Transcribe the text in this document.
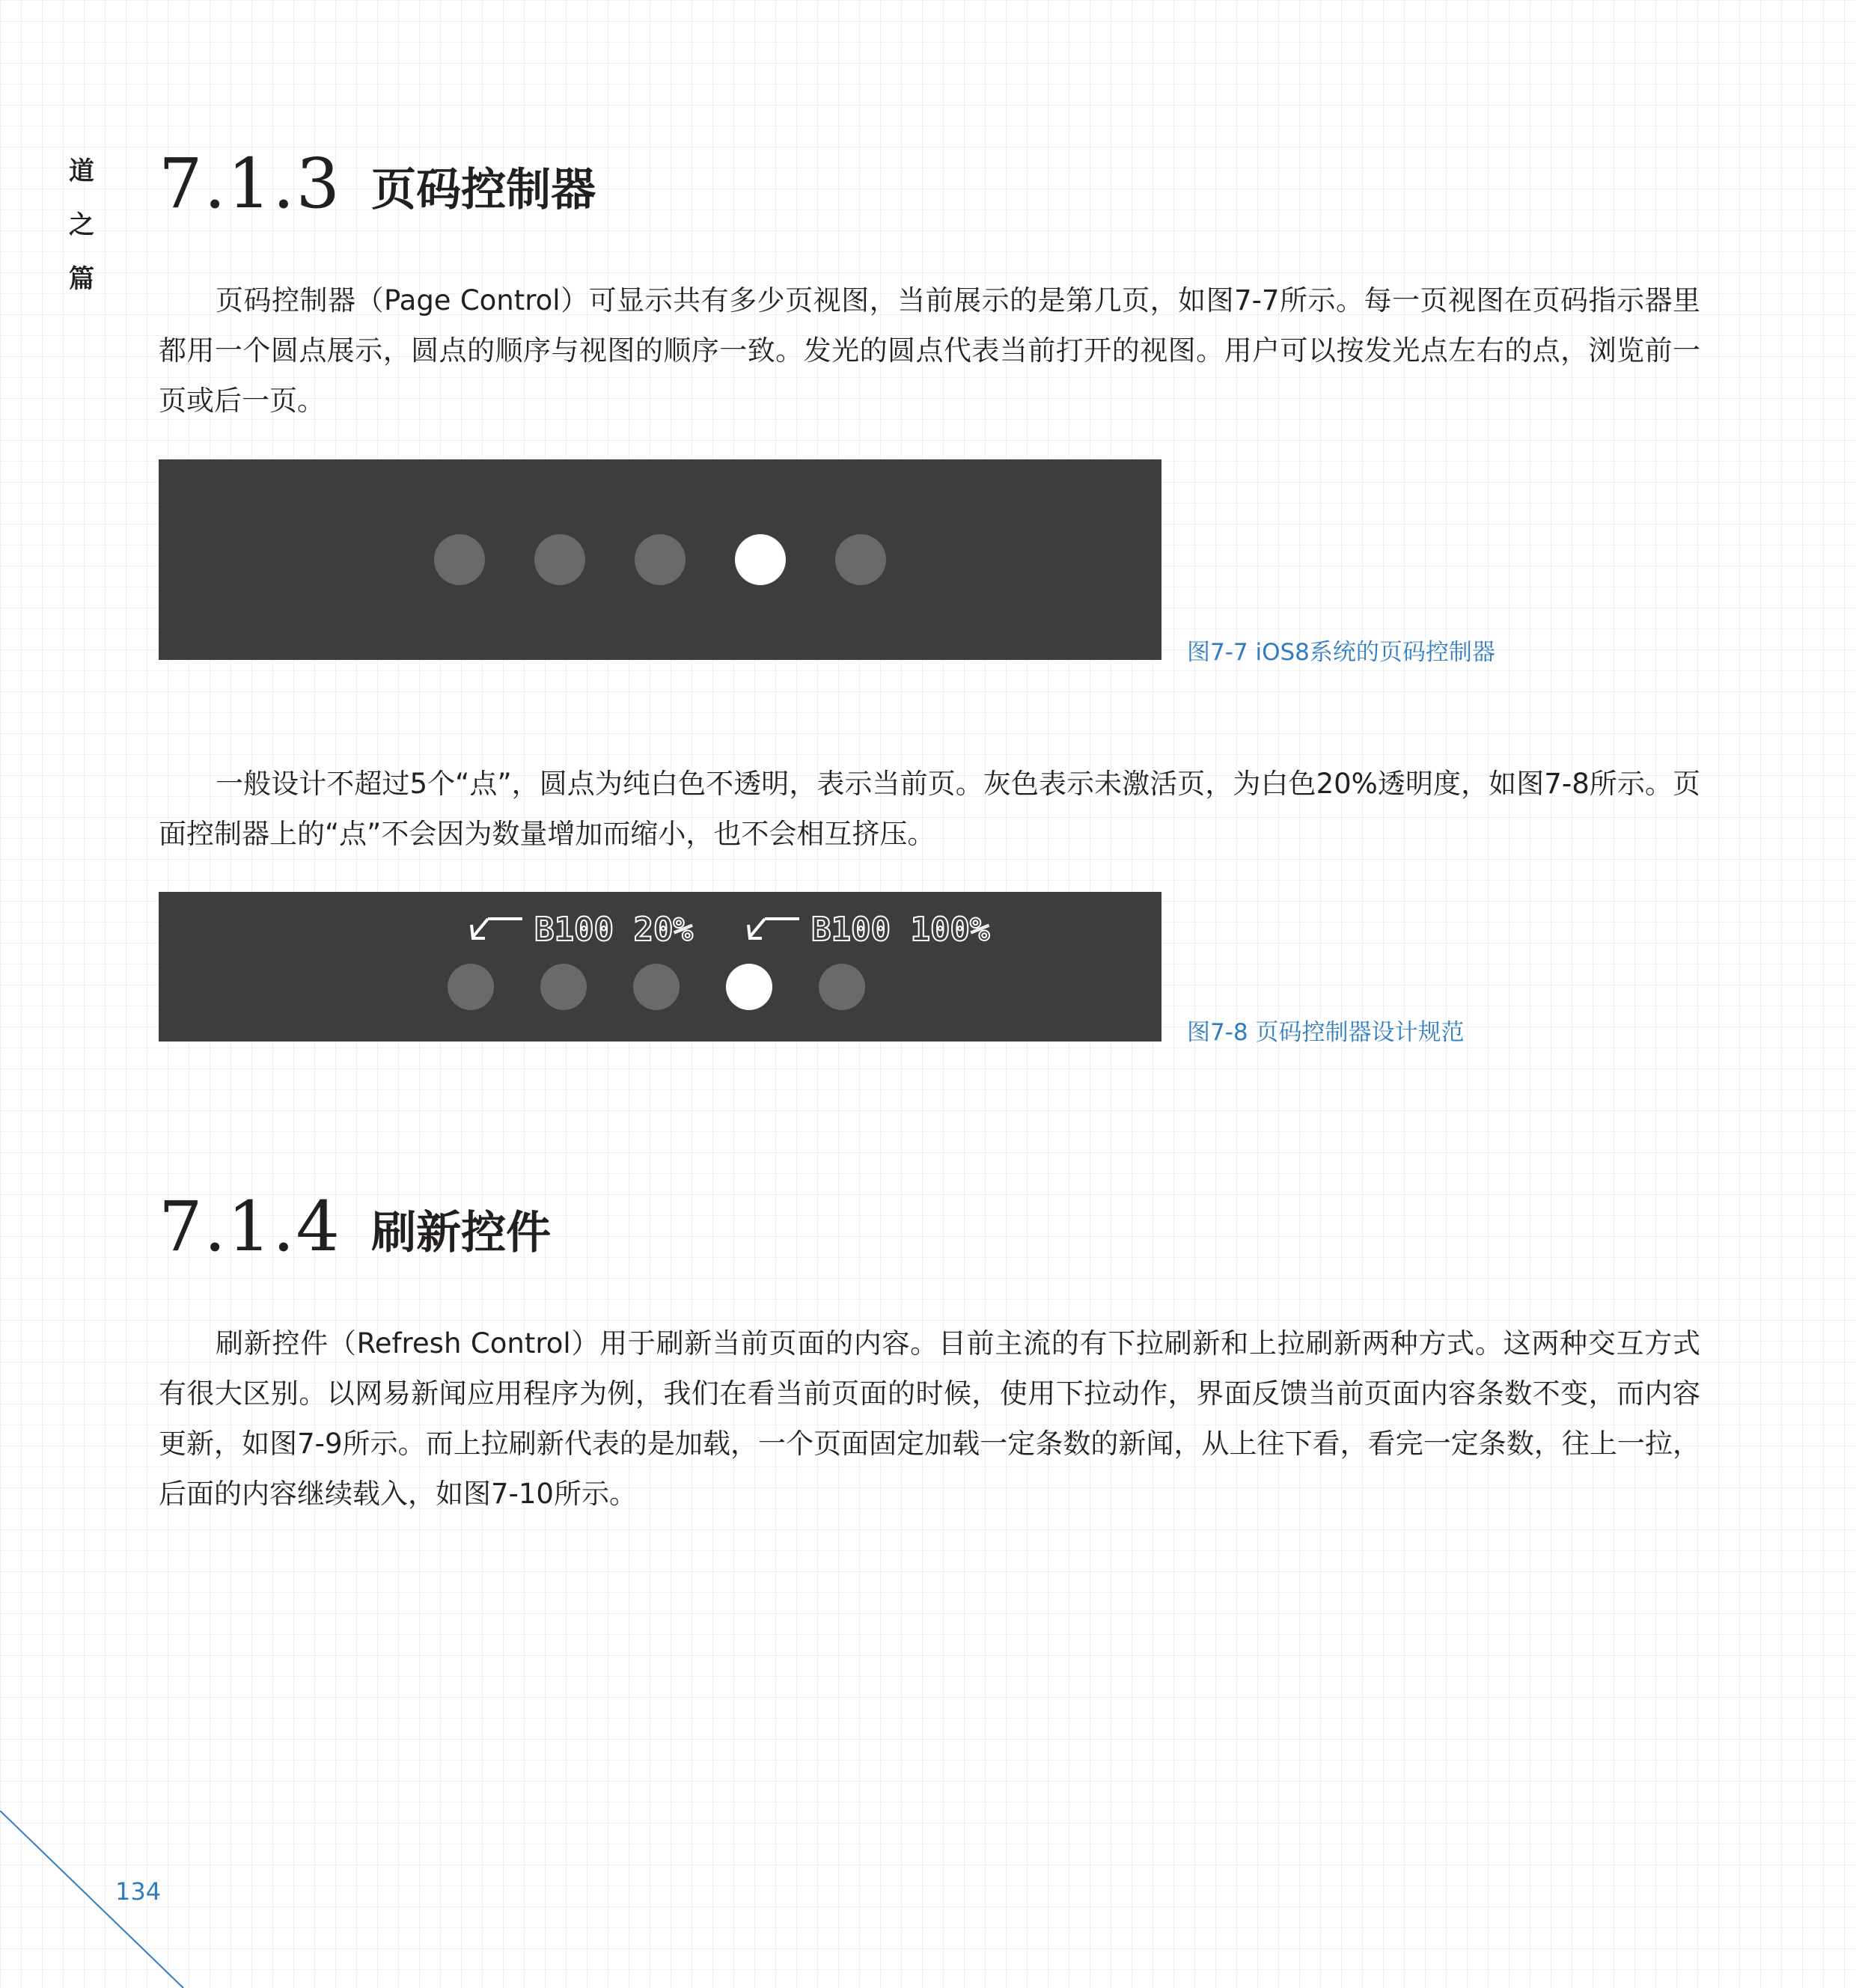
道
之
篇
7.1.3 页码控制器

页码控制器（Page Control）可显示共有多少页视图，当前展示的是第几页，如图7-7所示。每一页视图在页码指示器里都用一个圆点展示，圆点的顺序与视图的顺序一致。发光的圆点代表当前打开的视图。用户可以按发光点左右的点，浏览前一页或后一页。

图7-7 iOS8系统的页码控制器

一般设计不超过5个“点”，圆点为纯白色不透明，表示当前页。灰色表示未激活页，为白色20%透明度，如图7-8所示。页面控制器上的“点”不会因为数量增加而缩小，也不会相互挤压。

B100 20%	B100 100%
图7-8 页码控制器设计规范
7.1.4 刷新控件

刷新控件（Refresh Control）用于刷新当前页面的内容。目前主流的有下拉刷新和上拉刷新两种方式。这两种交互方式有很大区别。以网易新闻应用程序为例，我们在看当前页面的时候，使用下拉动作，界面反馈当前页面内容条数不变，而内容更新，如图7-9所示。而上拉刷新代表的是加载，一个页面固定加载一定条数的新闻，从上往下看，看完一定条数，往上一拉，后面的内容继续载入，如图7-10所示。

134
